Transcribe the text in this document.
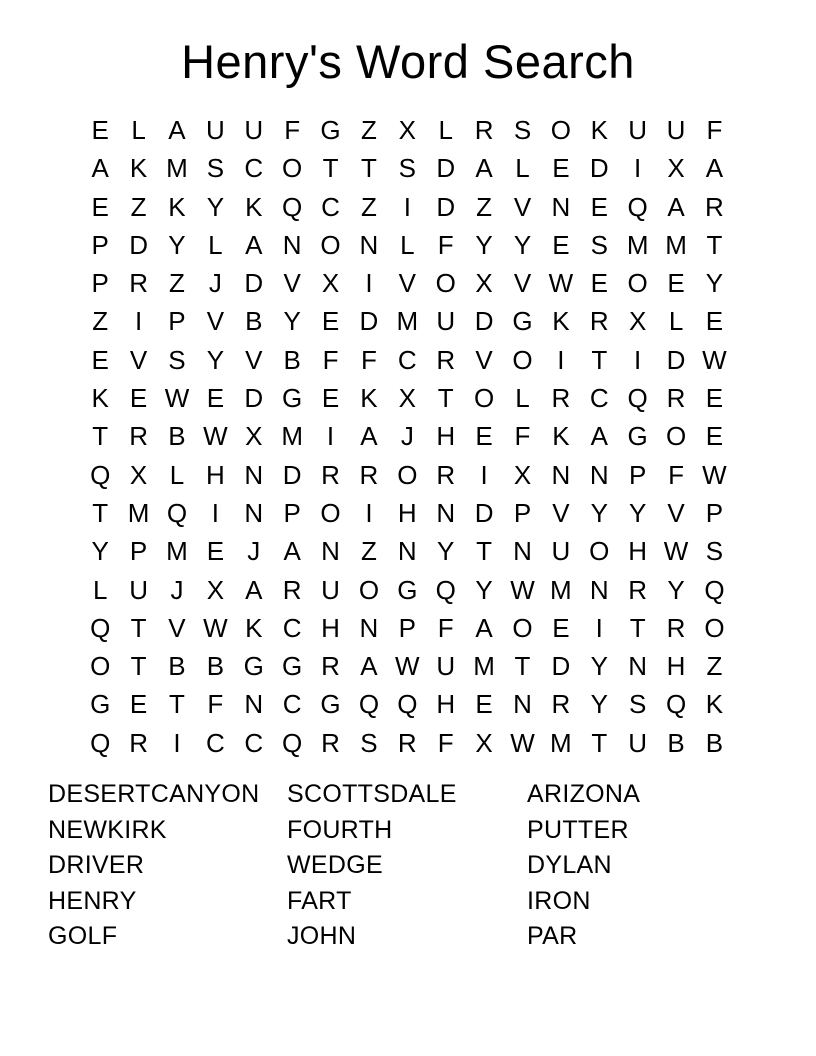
Henry's Word Search
E L A U U F G Z X L R S O K U U F
A K M S C O T T S D A L E D I	X A
E Z K Y K Q C Z	I D Z V N E Q A R
P D Y L A N O N L F Y Y E S M M T
P R Z J D V X	I	V O X V W E O E Y
Z	I	P V B Y E D M U D G K R X L E
E V S Y V B F F C R V O I	T	I D W
K E W E D G E K X T O L R C Q R E
T R B W X M I	A J H E F K A G O E
Q X L H N D R R O R I	X N N P F W
T M Q I N P O I H N D P V Y Y V P
Y P M E J A N Z N Y T N U O H W S
L U J X A R U O G Q Y W M N R Y Q
Q T V W K C H N P F A O E	I	T R O
O T B B G G R A W U M T D Y N H Z
G E T F N C G Q Q H E N R Y S Q K
Q R I C C Q R S R F X W M T U B B
DESERTCANYON
NEWKIRK
DRIVER
HENRY
GOLF
SCOTTSDALE
FOURTH
WEDGE
FART
JOHN
ARIZONA
PUTTER
DYLAN
IRON
PAR
